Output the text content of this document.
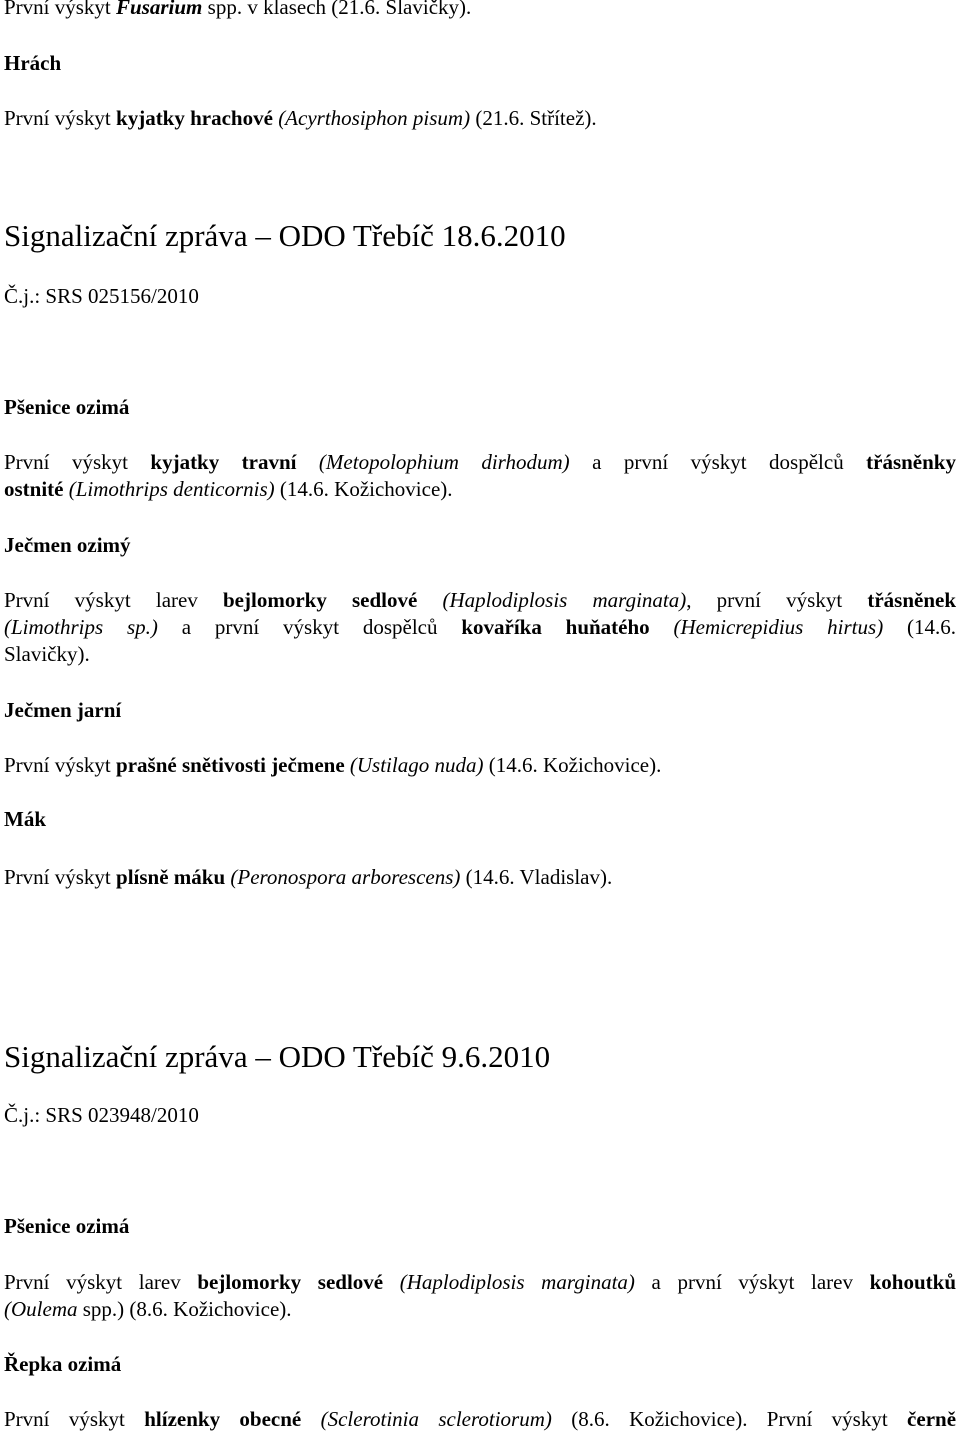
První výskyt Fusarium spp. v klasech (21.6. Slavičky).

Hrách

První výskyt kyjatky hrachové (Acyrthosiphon pisum) (21.6. Střítež).

Signalizační zpráva – ODO Třebíč 18.6.2010

Č.j.: SRS 025156/2010

Pšenice ozimá

První výskyt kyjatky travní (Metopolophium dirhodum) a první výskyt dospělců třásněnky
ostnité (Limothrips denticornis) (14.6. Kožichovice).

Ječmen ozimý

První výskyt larev bejlomorky sedlové (Haplodiplosis marginata), první výskyt třásněnek
(Limothrips sp.) a první výskyt dospělců kovaříka huňatého (Hemicrepidius hirtus) (14.6.
Slavičky).

Ječmen jarní

První výskyt prašné snětivosti ječmene (Ustilago nuda) (14.6. Kožichovice).

Mák

První výskyt plísně máku (Peronospora arborescens) (14.6. Vladislav).

Signalizační zpráva – ODO Třebíč 9.6.2010

Č.j.: SRS 023948/2010

Pšenice ozimá

První výskyt larev bejlomorky sedlové (Haplodiplosis marginata) a první výskyt larev kohoutků
(Oulema spp.) (8.6. Kožichovice).

Řepka ozimá

První výskyt hlízenky obecné (Sclerotinia sclerotiorum) (8.6. Kožichovice). První výskyt černě
